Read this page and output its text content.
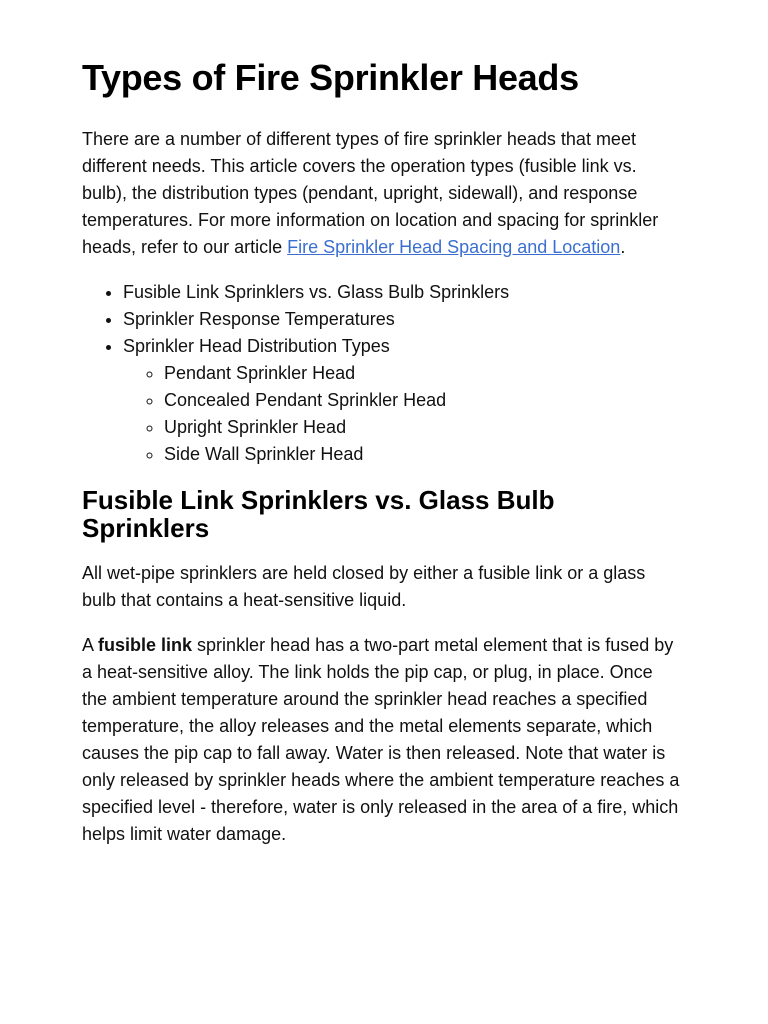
Types of Fire Sprinkler Heads

There are a number of different types of fire sprinkler heads that meet different needs. This article covers the operation types (fusible link vs. bulb), the distribution types (pendant, upright, sidewall), and response temperatures. For more information on location and spacing for sprinkler heads, refer to our article Fire Sprinkler Head Spacing and Location.

• Fusible Link Sprinklers vs. Glass Bulb Sprinklers
• Sprinkler Response Temperatures
• Sprinkler Head Distribution Types
◦ Pendant Sprinkler Head
◦ Concealed Pendant Sprinkler Head
◦ Upright Sprinkler Head
◦ Side Wall Sprinkler Head
Fusible Link Sprinklers vs. Glass Bulb Sprinklers

All wet-pipe sprinklers are held closed by either a fusible link or a glass bulb that contains a heat-sensitive liquid.

A fusible link sprinkler head has a two-part metal element that is fused by a heat-sensitive alloy. The link holds the pip cap, or plug, in place. Once the ambient temperature around the sprinkler head reaches a specified temperature, the alloy releases and the metal elements separate, which causes the pip cap to fall away. Water is then released. Note that water is only released by sprinkler heads where the ambient temperature reaches a specified level - therefore, water is only released in the area of a fire, which helps limit water damage.
